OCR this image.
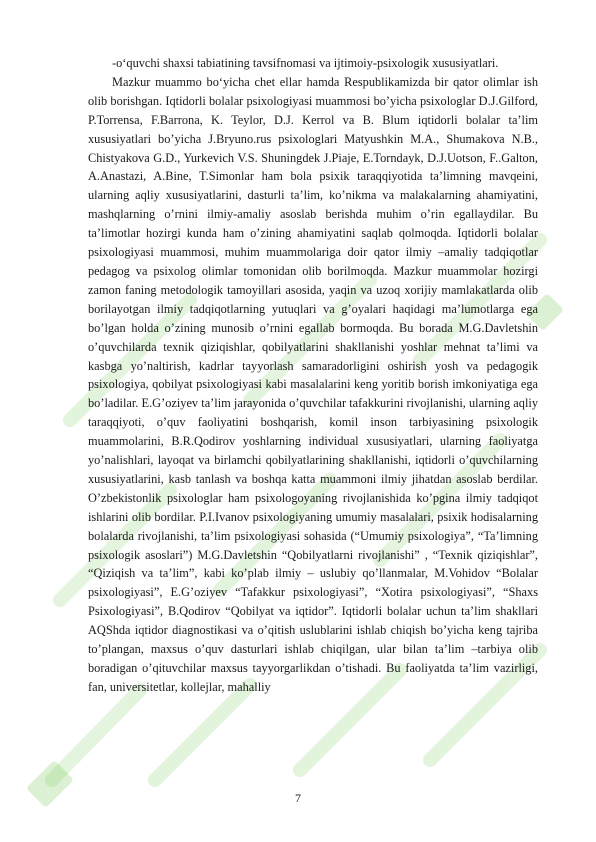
-o‘quvchi shaxsi tabiatining tavsifnomasi va ijtimoiy-psixologik xususiyatlari.

Mazkur muammo bo‘yicha chet ellar hamda Respublikamizda bir qator olimlar ish olib borishgan. Iqtidorli bolalar psixologiyasi muammosi bo’yicha psixologlar D.J.Gilford, P.Torrensa, F.Barrona, K. Teylor, D.J. Kerrol va B. Blum iqtidorli bolalar ta’lim xususiyatlari bo’yicha J.Bryuno.rus psixologlari Matyushkin M.A., Shumakova N.B., Chistyakova G.D., Yurkevich V.S. Shuningdek J.Piaje, E.Torndayk, D.J.Uotson, F..Galton, A.Anastazi, A.Bine, T.Simonlar ham bola psixik taraqqiyotida ta’limning mavqeini, ularning aqliy xususiyatlarini, dasturli ta’lim, ko’nikma va malakalarning ahamiyatini, mashqlarning o’rnini ilmiy-amaliy asoslab berishda muhim o’rin egallaydilar. Bu ta’limotlar hozirgi kunda ham o’zining ahamiyatini saqlab qolmoqda. Iqtidorli bolalar psixologiyasi muammosi, muhim muammolariga doir qator ilmiy –amaliy tadqiqotlar pedagog va psixolog olimlar tomonidan olib borilmoqda. Mazkur muammolar hozirgi zamon faning metodologik tamoyillari asosida, yaqin va uzoq xorijiy mamlakatlarda olib borilayotgan ilmiy tadqiqotlarning yutuqlari va g’oyalari haqidagi ma’lumotlarga ega bo’lgan holda o’zining munosib o’rnini egallab bormoqda. Bu borada M.G.Davletshin o’quvchilarda texnik qiziqishlar, qobilyatlarini shakllanishi yoshlar mehnat ta’limi va kasbga yo’naltirish, kadrlar tayyorlash samaradorligini oshirish yosh va pedagogik psixologiya, qobilyat psixologiyasi kabi masalalarini keng yoritib borish imkoniyatiga ega bo’ladilar. E.G’oziyev ta’lim jarayonida o’quvchilar tafakkurini rivojlanishi, ularning aqliy taraqqiyoti, o’quv faoliyatini boshqarish, komil inson tarbiyasining psixologik muammolarini, B.R.Qodirov yoshlarning individual xususiyatlari, ularning faoliyatga yo’nalishlari, layoqat va birlamchi qobilyatlarining shakllanishi, iqtidorli o’quvchilarning xususiyatlarini, kasb tanlash va boshqa katta muammoni ilmiy jihatdan asoslab berdilar. O’zbekistonlik psixologlar ham psixologoyaning rivojlanishida ko’pgina ilmiy tadqiqot ishlarini olib bordilar. P.I.Ivanov psixologiyaning umumiy masalalari, psixik hodisalarning bolalarda rivojlanishi, ta’lim psixologiyasi sohasida (“Umumiy psixologiya”, “Ta’limning psixologik asoslari”) M.G.Davletshin “Qobilyatlarni rivojlanishi” , “Texnik qiziqishlar”, “Qiziqish va ta’lim”, kabi ko’plab ilmiy – uslubiy qo’llanmalar, M.Vohidov “Bolalar psixologiyasi”, E.G’oziyev “Tafakkur psixologiyasi”, “Xotira psixologiyasi”, “Shaxs Psixologiyasi”, B.Qodirov “Qobilyat va iqtidor”. Iqtidorli bolalar uchun ta’lim shakllari AQShda iqtidor diagnostikasi va o’qitish uslublarini ishlab chiqish bo’yicha keng tajriba to’plangan, maxsus o’quv dasturlari ishlab chiqilgan, ular bilan ta’lim –tarbiya olib boradigan o’qituvchilar maxsus tayyorgarlikdan o’tishadi. Bu faoliyatda ta’lim vazirligi, fan, universitetlar, kollejlar, mahalliy

7
